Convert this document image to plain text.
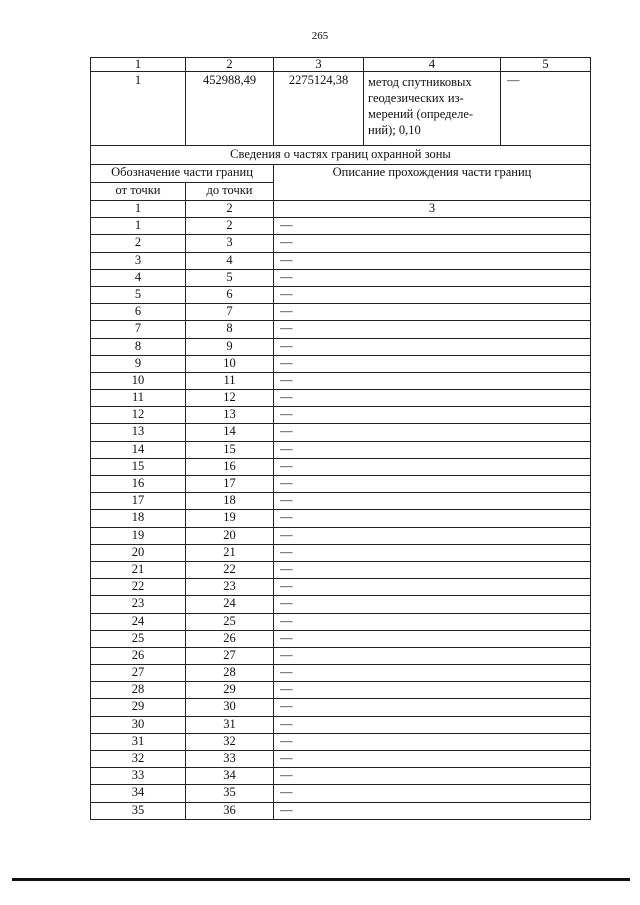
265
1	2	3	4	5
1	452988,49	2275124,38	метод спутниковых
геодезических из-
мерений (определе-
ний); 0,10	—
Сведения о частях границ охранной зоны				
Обозначение части границ		Описание прохождения части границ		
от точки	до точки			
1	2	3		
1	2	—		
2	3	—		
3	4	—		
4	5	—		
5	6	—		
6	7	—		
7	8	—		
8	9	—		
9	10	—		
10	11	—		
11	12	—		
12	13	—		
13	14	—		
14	15	—		
15	16	—		
16	17	—		
17	18	—		
18	19	—		
19	20	—		
20	21	—		
21	22	—		
22	23	—		
23	24	—		
24	25	—		
25	26	—		
26	27	—		
27	28	—		
28	29	—		
29	30	—		
30	31	—		
31	32	—		
32	33	—		
33	34	—		
34	35	—		
35	36	—		
